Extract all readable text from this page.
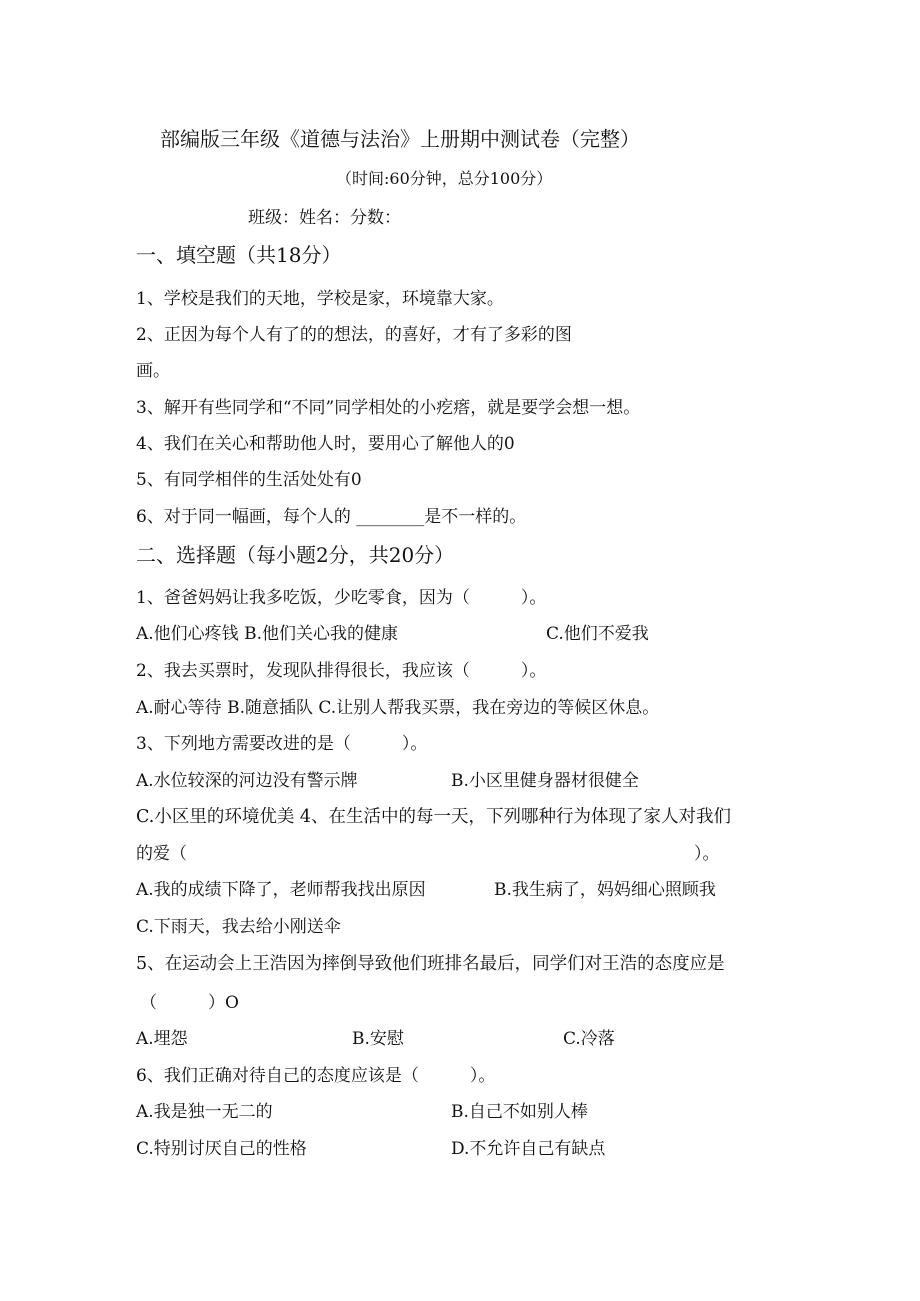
部编版三年级《道德与法治》上册期中测试卷（完整）
（时间:60分钟，总分100分）
班级：姓名：分数：
一、填空题（共18分）
1、学校是我们的天地，学校是家，环境靠大家。
2、正因为每个人有了的的想法，的喜好，才有了多彩的图
画。
3、解开有些同学和“不同”同学相处的小疙瘩，就是要学会想一想。
4、我们在关心和帮助他人时，要用心了解他人的0
5、有同学相伴的生活处处有0
6、对于同一幅画，每个人的 ________是不一样的。
二、选择题（每小题2分，共20分）
1、爸爸妈妈让我多吃饭，少吃零食，因为（　　　）。
A.他们心疼钱 B.他们关心我的健康	C.他们不爱我
2、我去买票时，发现队排得很长，我应该（　　　）。
A.耐心等待 B.随意插队 C.让别人帮我买票，我在旁边的等候区休息。
3、下列地方需要改进的是（　　　）。
A.水位较深的河边没有警示牌	B.小区里健身器材很健全
C.小区里的环境优美 4、在生活中的每一天，下列哪种行为体现了家人对我们
的爱（	）。
A.我的成绩下降了，老师帮我找出原因	B.我生病了，妈妈细心照顾我
C.下雨天，我去给小刚送伞
5、在运动会上王浩因为摔倒导致他们班排名最后，同学们对王浩的态度应是
（　　　）O
A.埋怨	B.安慰	C.冷落
6、我们正确对待自己的态度应该是（　　　）。
A.我是独一无二的	B.自己不如别人棒
C.特别讨厌自己的性格	D.不允许自己有缺点
